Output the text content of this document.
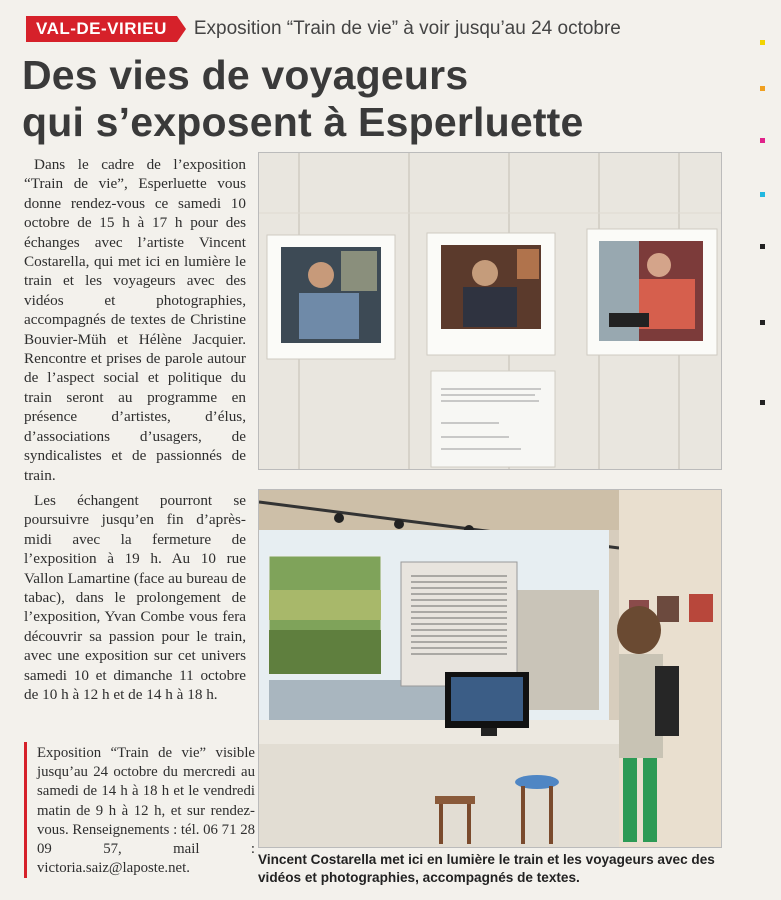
VAL-DE-VIRIEU	Exposition “Train de vie” à voir jusqu’au 24 octobre
Des vies de voyageurs
qui s’exposent à Esperluette

Dans le cadre de l’exposition “Train de vie”, Esperluette vous donne rendez-vous ce samedi 10 octobre de 15 h à 17 h pour des échanges avec l’artiste Vincent Costarella, qui met ici en lumière le train et les voyageurs avec des vidéos et photographies, accompagnés de textes de Christine Bouvier-Müh et Hélène Jacquier. Rencontre et prises de parole autour de l’aspect social et politique du train seront au programme en présence d’artistes, d’élus, d’associations d’usagers, de syndicalistes et de passionnés de train.

Les échangent pourront se poursuivre jusqu’en fin d’après-midi avec la fermeture de l’exposition à 19 h. Au 10 rue Vallon Lamartine (face au bureau de tabac), dans le prolongement de l’exposition, Yvan Combe vous fera découvrir sa passion pour le train, avec une exposition sur cet univers samedi 10 et dimanche 11 octobre de 10 h à 12 h et de 14 h à 18 h.

Exposition “Train de vie” visible jusqu’au 24 octobre du mercredi au samedi de 14 h à 18 h et le vendredi matin de 9 h à 12 h, et sur rendez-vous. Renseignements : tél. 06 71 28 09 57, mail : victoria.saiz@laposte.net.

Vincent Costarella met ici en lumière le train et les voyageurs avec des vidéos et photographies, accompagnés de textes.
